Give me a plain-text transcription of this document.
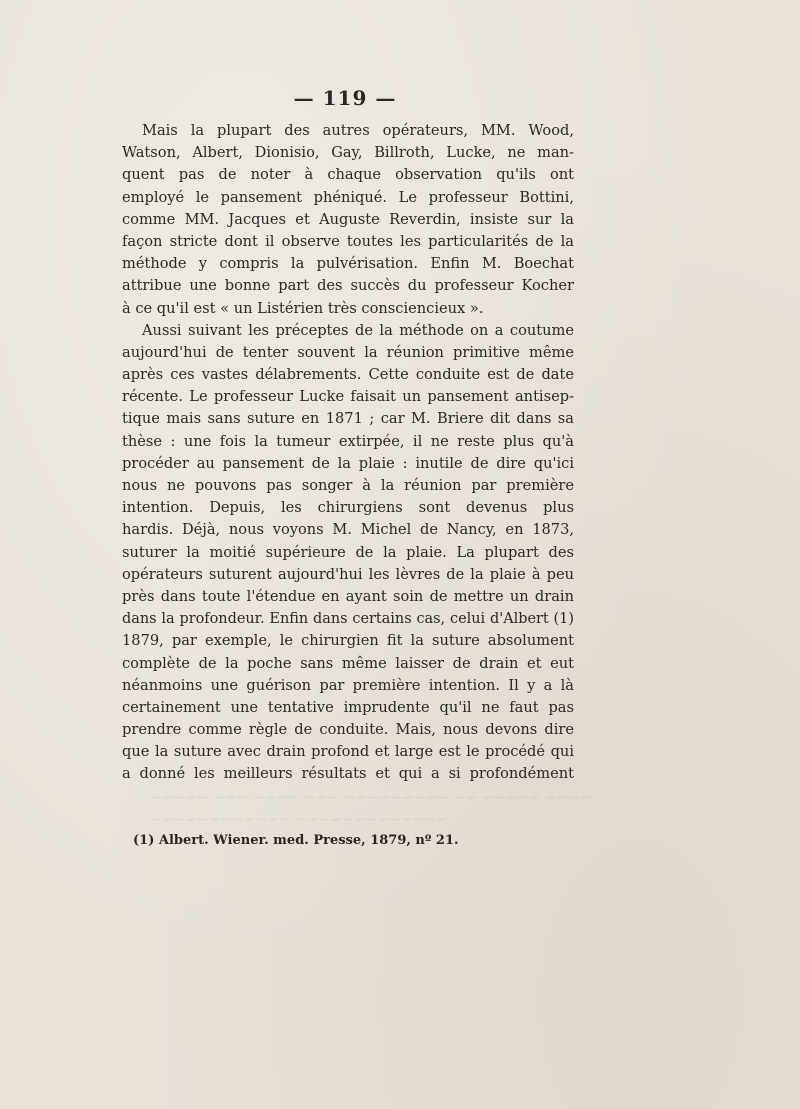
~~~~ ~~~~~ ~~ ~~~~~~~~~ ~~~ ~~~~ ~~~ ~~~~~
~~~~~~~~~~~~~ ~~~~~~~~~~~~
— 119 —
Mais la plupart des autres opérateurs, MM. Wood,
Watson, Albert, Dionisio, Gay, Billroth, Lucke, ne man-
quent pas de noter à chaque observation qu'ils ont
employé le pansement phéniqué. Le professeur Bottini,
comme MM. Jacques et Auguste Reverdin, insiste sur la
façon stricte dont il observe toutes les particularités de la
méthode y compris la pulvérisation. Enfin M. Boechat
attribue une bonne part des succès du professeur Kocher
à ce qu'il est « un Listérien très consciencieux ».
Aussi suivant les préceptes de la méthode on a coutume
aujourd'hui de tenter souvent la réunion primitive même
après ces vastes délabrements. Cette conduite est de date
récente. Le professeur Lucke faisait un pansement antisep-
tique mais sans suture en 1871 ; car M. Briere dit dans sa
thèse : une fois la tumeur extirpée, il ne reste plus qu'à
procéder au pansement de la plaie : inutile de dire qu'ici
nous ne pouvons pas songer à la réunion par première
intention. Depuis, les chirurgiens sont devenus plus
hardis. Déjà, nous voyons M. Michel de Nancy, en 1873,
suturer la moitié supérieure de la plaie. La plupart des
opérateurs suturent aujourd'hui les lèvres de la plaie à peu
près dans toute l'étendue en ayant soin de mettre un drain
dans la profondeur. Enfin dans certains cas, celui d'Albert (1)
1879, par exemple, le chirurgien fit la suture absolument
complète de la poche sans même laisser de drain et eut
néanmoins une guérison par première intention. Il y a là
certainement une tentative imprudente qu'il ne faut pas
prendre comme règle de conduite. Mais, nous devons dire
que la suture avec drain profond et large est le procédé qui
a donné les meilleurs résultats et qui a si profondément
(1) Albert. Wiener. med. Presse, 1879, nº 21.
